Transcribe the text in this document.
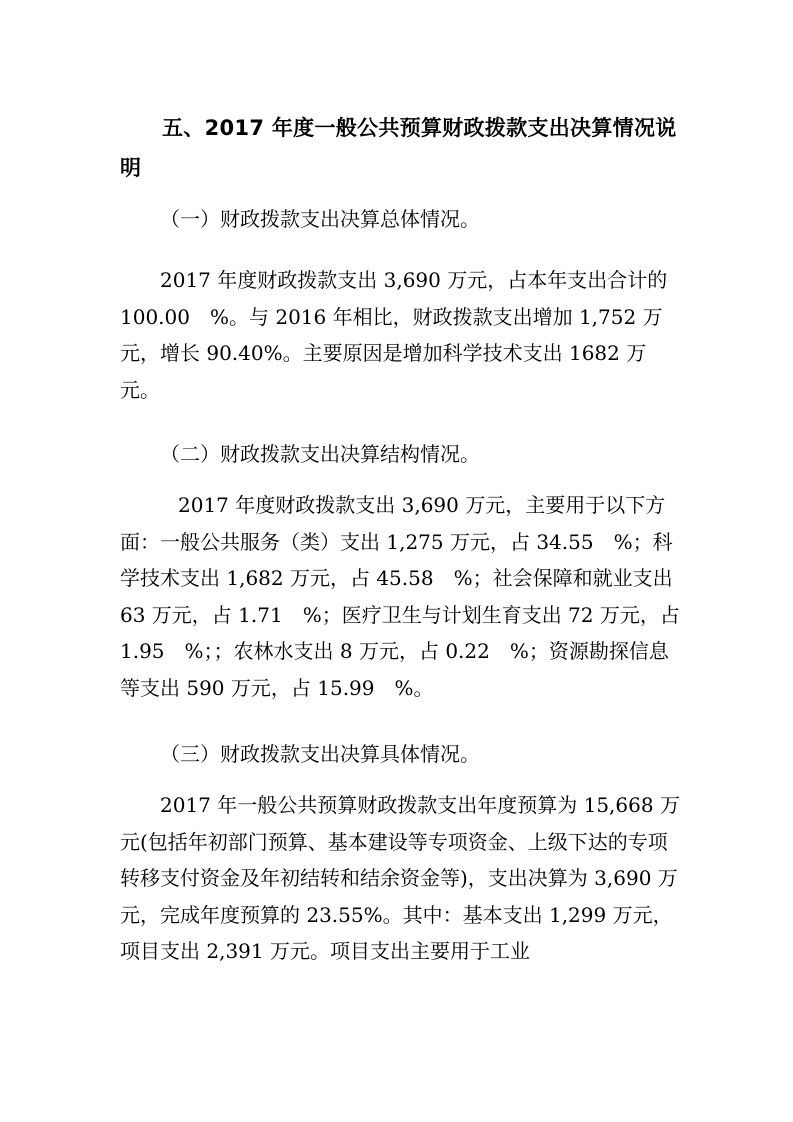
五、2017 年度一般公共预算财政拨款支出决算情况说明
（一）财政拨款支出决算总体情况。
2017 年度财政拨款支出 3,690 万元，占本年支出合计的 100.00　%。与 2016 年相比，财政拨款支出增加 1,752 万元，增长 90.40%。主要原因是增加科学技术支出 1682 万元。
（二）财政拨款支出决算结构情况。
2017 年度财政拨款支出 3,690 万元，主要用于以下方面：一般公共服务（类）支出 1,275 万元，占 34.55　%；科学技术支出 1,682 万元，占 45.58　%；社会保障和就业支出 63 万元，占 1.71　%；医疗卫生与计划生育支出 72 万元，占 1.95　%；；农林水支出 8 万元，占 0.22　%；资源勘探信息等支出 590 万元，占 15.99　%。
（三）财政拨款支出决算具体情况。
2017 年一般公共预算财政拨款支出年度预算为 15,668 万元(包括年初部门预算、基本建设等专项资金、上级下达的专项转移支付资金及年初结转和结余资金等)，支出决算为 3,690 万元，完成年度预算的 23.55%。其中：基本支出 1,299 万元，项目支出 2,391 万元。项目支出主要用于工业
